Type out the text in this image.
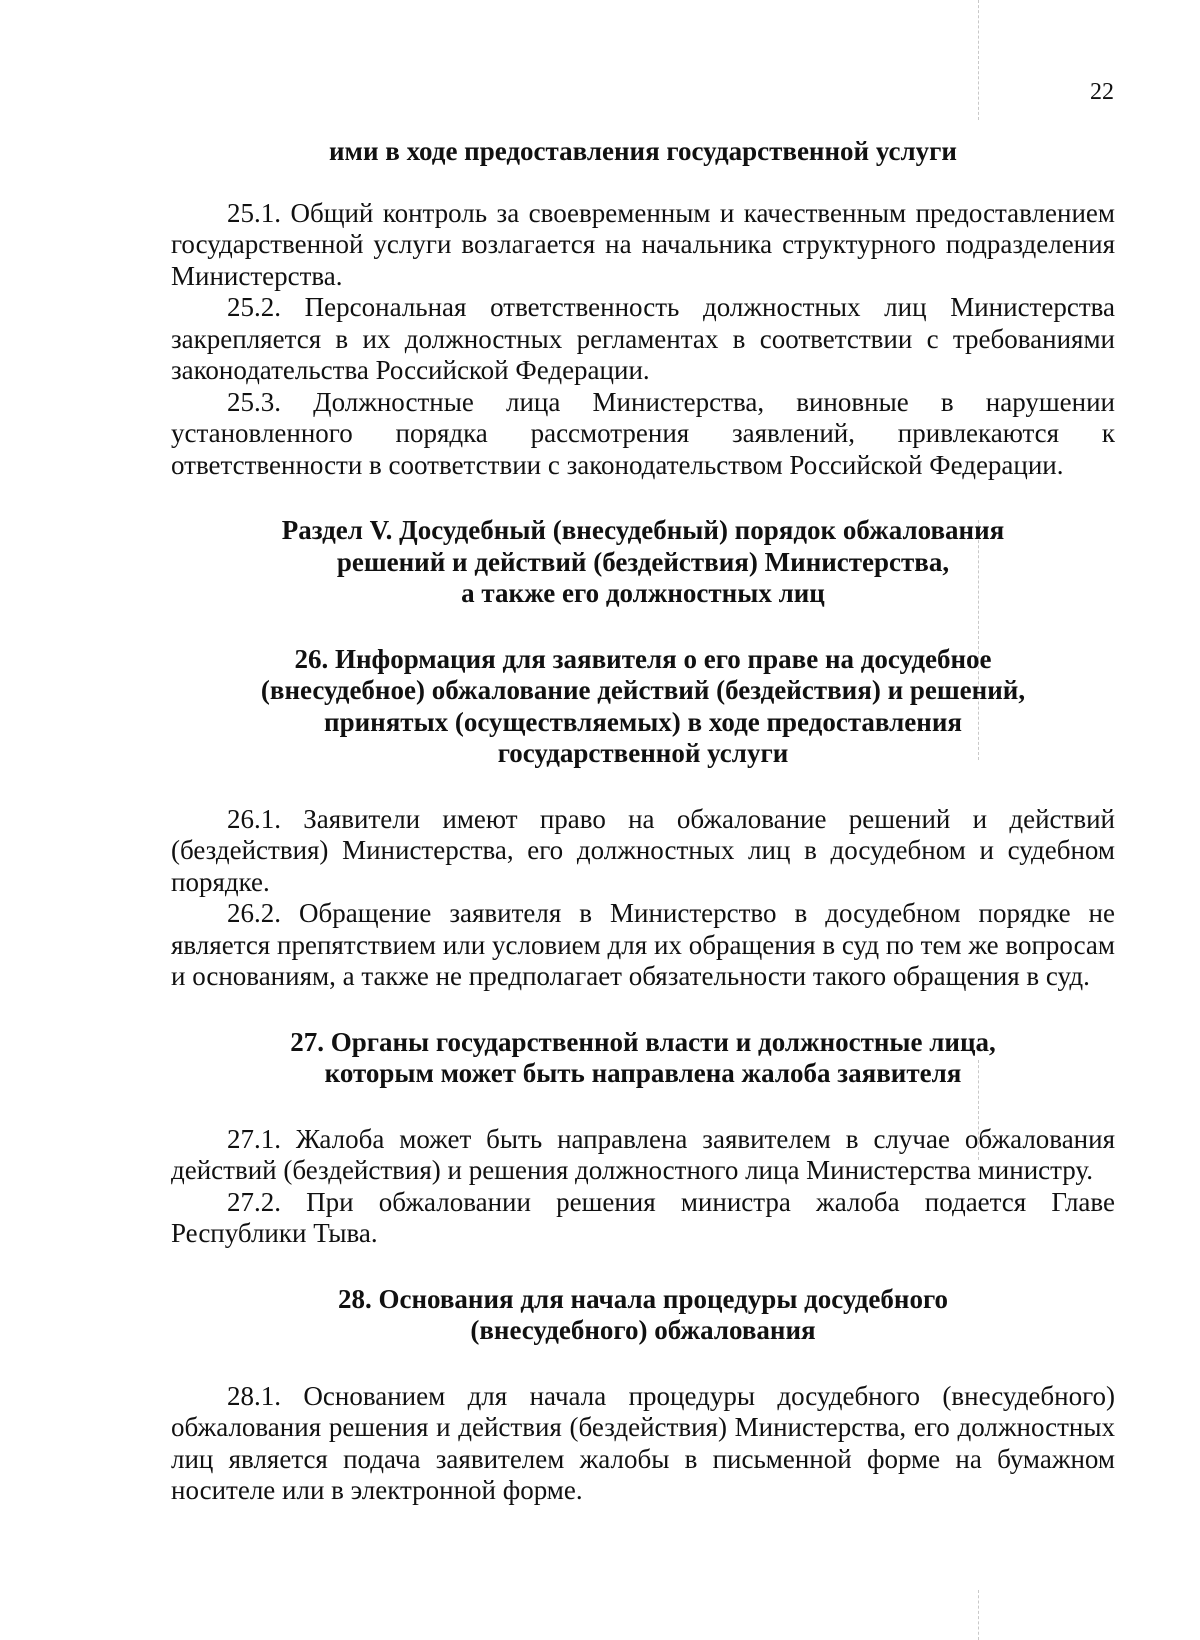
22

ими в ходе предоставления государственной услуги

25.1. Общий контроль за своевременным и качественным предоставлением государственной услуги возлагается на начальника структурного подразделения Министерства.

25.2. Персональная ответственность должностных лиц Министерства закрепляется в их должностных регламентах в соответствии с требованиями законодательства Российской Федерации.

25.3. Должностные лица Министерства, виновные в нарушении установленного порядка рассмотрения заявлений, привлекаются к ответственности в соответствии с законодательством Российской Федерации.

Раздел V. Досудебный (внесудебный) порядок обжалования

решений и действий (бездействия) Министерства,

а также его должностных лиц

26. Информация для заявителя о его праве на досудебное

(внесудебное) обжалование действий (бездействия) и решений,

принятых (осуществляемых) в ходе предоставления

государственной услуги

26.1. Заявители имеют право на обжалование решений и действий (бездействия) Министерства, его должностных лиц в досудебном и судебном порядке.

26.2. Обращение заявителя в Министерство в досудебном порядке не является препятствием или условием для их обращения в суд по тем же вопросам и основаниям, а также не предполагает обязательности такого обращения в суд.

27. Органы государственной власти и должностные лица,

которым может быть направлена жалоба заявителя

27.1. Жалоба может быть направлена заявителем в случае обжалования действий (бездействия) и решения должностного лица Министерства министру.

27.2. При обжаловании решения министра жалоба подается Главе Республики Тыва.

28. Основания для начала процедуры досудебного

(внесудебного) обжалования

28.1. Основанием для начала процедуры досудебного (внесудебного) обжалования решения и действия (бездействия) Министерства, его должностных лиц является подача заявителем жалобы в письменной форме на бумажном носителе или в электронной форме.
